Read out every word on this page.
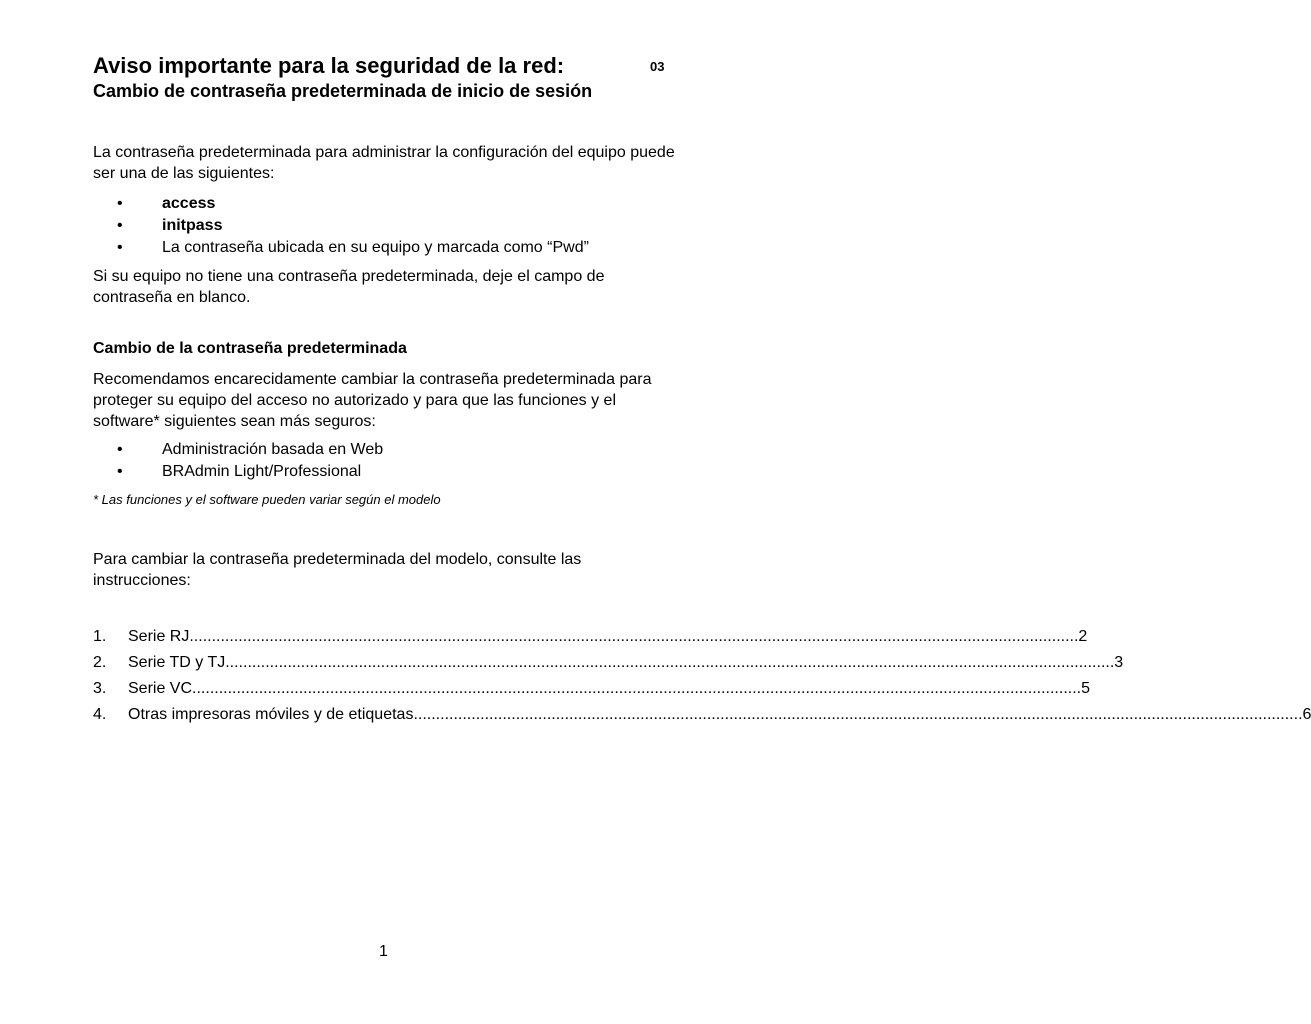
Aviso importante para la seguridad de la red:	03
Cambio de contraseña predeterminada de inicio de sesión
La contraseña predeterminada para administrar la configuración del equipo puede ser una de las siguientes:
• access
• initpass
• La contraseña ubicada en su equipo y marcada como “Pwd”
Si su equipo no tiene una contraseña predeterminada, deje el campo de contraseña en blanco.
Cambio de la contraseña predeterminada
Recomendamos encarecidamente cambiar la contraseña predeterminada para proteger su equipo del acceso no autorizado y para que las funciones y el software* siguientes sean más seguros:
• Administración basada en Web
• BRAdmin Light/Professional
* Las funciones y el software pueden variar según el modelo
Para cambiar la contraseña predeterminada del modelo, consulte las instrucciones:
1.	Serie RJ ........................................................................................................................................................................................................ 2
2.	Serie TD y TJ ........................................................................................................................................................................................................ 3
3.	Serie VC ........................................................................................................................................................................................................ 5
4.	Otras impresoras móviles y de etiquetas ........................................................................................................................................................................................................ 6
1
